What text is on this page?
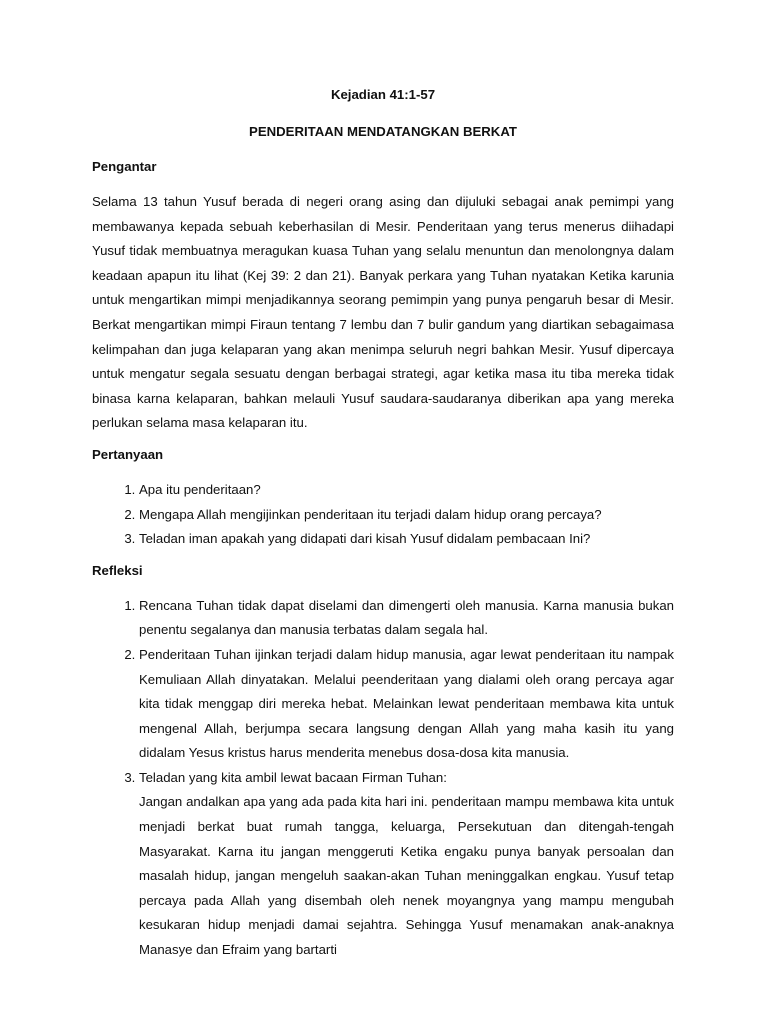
Kejadian 41:1-57

PENDERITAAN MENDATANGKAN BERKAT

Pengantar

Selama 13 tahun Yusuf berada di negeri orang asing dan dijuluki sebagai anak pemimpi yang membawanya kepada sebuah keberhasilan di Mesir. Penderitaan yang terus menerus diihadapi Yusuf tidak membuatnya meragukan kuasa Tuhan yang selalu menuntun dan menolongnya dalam keadaan apapun itu lihat (Kej 39: 2 dan 21). Banyak perkara yang Tuhan nyatakan Ketika karunia untuk mengartikan mimpi menjadikannya seorang pemimpin yang punya pengaruh besar di Mesir. Berkat mengartikan mimpi Firaun tentang 7 lembu dan 7 bulir gandum yang diartikan sebagaimasa kelimpahan dan juga kelaparan yang akan menimpa seluruh negri bahkan Mesir. Yusuf dipercaya untuk mengatur segala sesuatu dengan berbagai strategi, agar ketika masa itu tiba mereka tidak binasa karna kelaparan, bahkan melauli Yusuf saudara-saudaranya diberikan apa yang mereka perlukan selama masa kelaparan itu.

Pertanyaan

1. Apa itu penderitaan?
2. Mengapa Allah mengijinkan penderitaan itu terjadi dalam hidup orang percaya?
3. Teladan iman apakah yang didapati dari kisah Yusuf didalam pembacaan Ini?

Refleksi

1. Rencana Tuhan tidak dapat diselami dan dimengerti oleh manusia. Karna manusia bukan penentu segalanya dan manusia terbatas dalam segala hal.
2. Penderitaan Tuhan ijinkan terjadi dalam hidup manusia, agar lewat penderitaan itu nampak Kemuliaan Allah dinyatakan. Melalui peenderitaan yang dialami oleh orang percaya agar kita tidak menggap diri mereka hebat. Melainkan lewat penderitaan membawa kita untuk mengenal Allah, berjumpa secara langsung dengan Allah yang maha kasih itu yang didalam Yesus kristus harus menderita menebus dosa-dosa kita manusia.
3. Teladan yang kita ambil lewat bacaan Firman Tuhan:
Jangan andalkan apa yang ada pada kita hari ini. penderitaan mampu membawa kita untuk menjadi berkat buat rumah tangga, keluarga, Persekutuan dan ditengah-tengah Masyarakat. Karna itu jangan menggeruti Ketika engaku punya banyak persoalan dan masalah hidup, jangan mengeluh saakan-akan Tuhan meninggalkan engkau. Yusuf tetap percaya pada Allah yang disembah oleh nenek moyangnya yang mampu mengubah kesukaran hidup menjadi damai sejahtra. Sehingga Yusuf menamakan anak-anaknya Manasye dan Efraim yang bartarti
